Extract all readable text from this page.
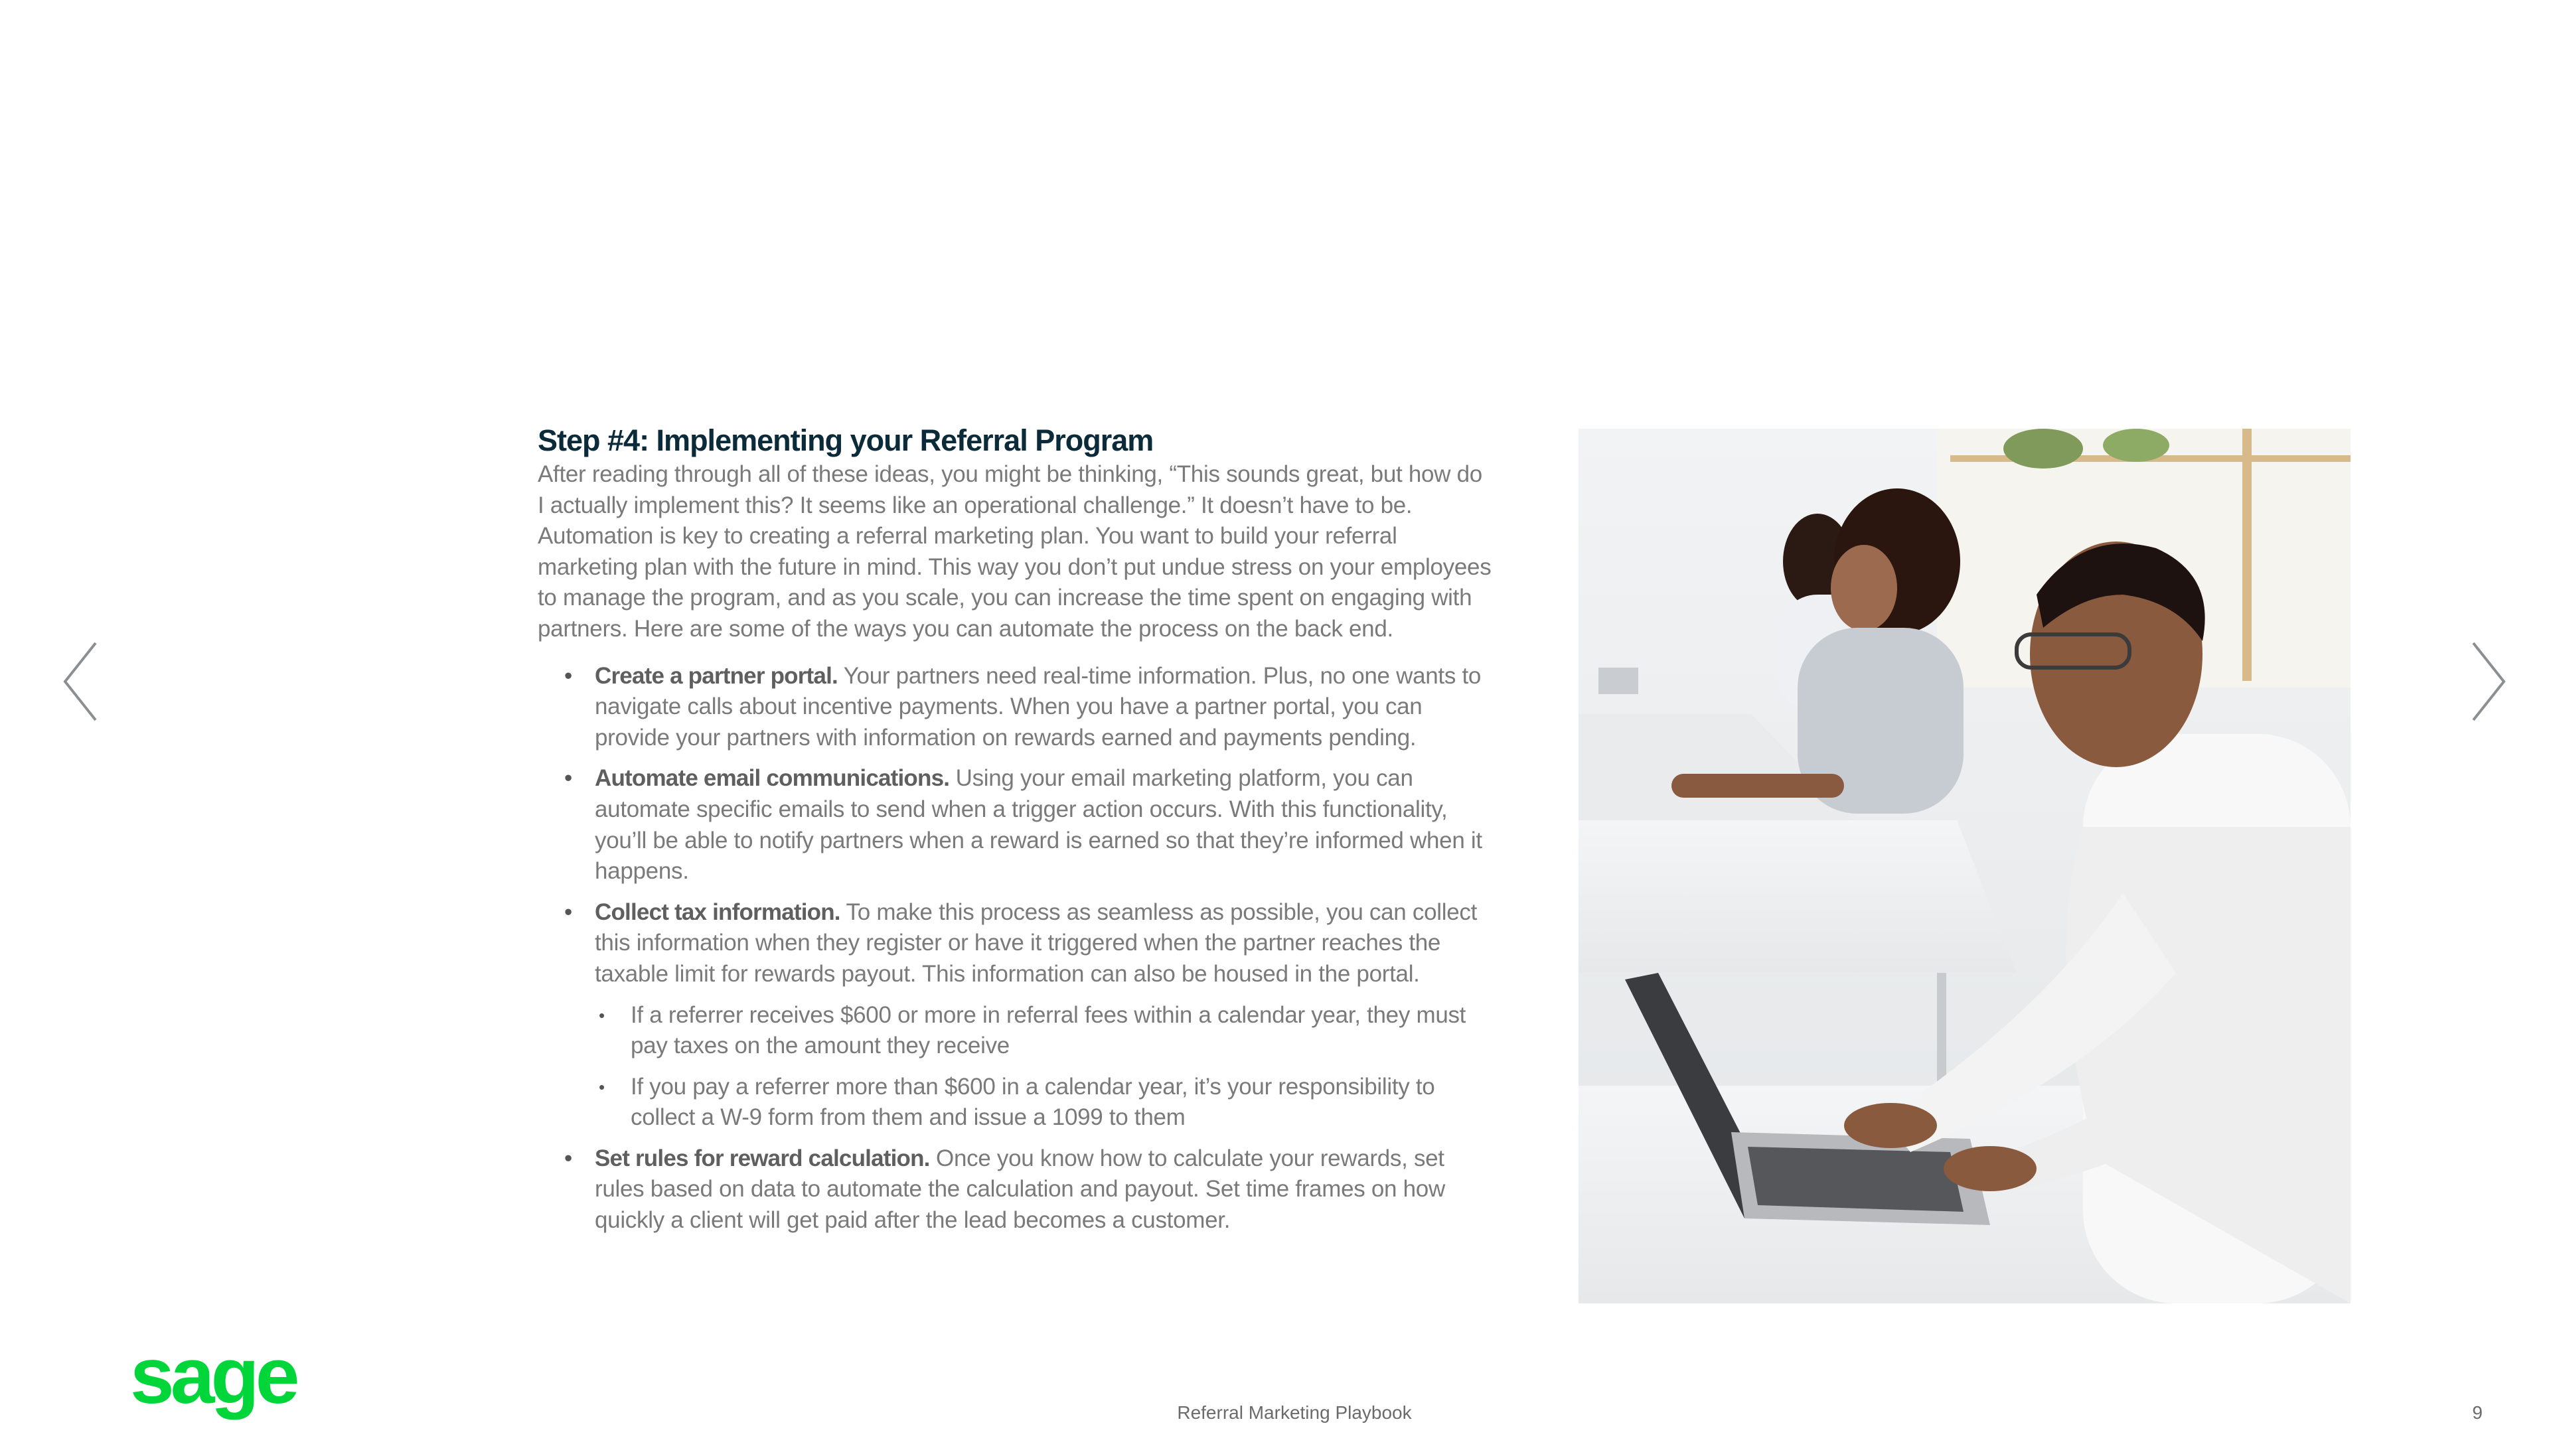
Step #4: Implementing your Referral Program

After reading through all of these ideas, you might be thinking, “This sounds great, but how do I actually implement this? It seems like an operational challenge.” It doesn’t have to be. Automation is key to creating a referral marketing plan. You want to build your referral marketing plan with the future in mind. This way you don’t put undue stress on your employees to manage the program, and as you scale, you can increase the time spent on engaging with partners. Here are some of the ways you can automate the process on the back end.

• Create a partner portal. Your partners need real-time information. Plus, no one wants to navigate calls about incentive payments. When you have a partner portal, you can provide your partners with information on rewards earned and payments pending.
• Automate email communications. Using your email marketing platform, you can automate specific emails to send when a trigger action occurs. With this functionality, you’ll be able to notify partners when a reward is earned so that they’re informed when it happens.
• Collect tax information. To make this process as seamless as possible, you can collect this information when they register or have it triggered when the partner reaches the taxable limit for rewards payout. This information can also be housed in the portal.
• If a referrer receives $600 or more in referral fees within a calendar year, they must pay taxes on the amount they receive
• If you pay a referrer more than $600 in a calendar year, it’s your responsibility to collect a W-9 form from them and issue a 1099 to them
• Set rules for reward calculation. Once you know how to calculate your rewards, set rules based on data to automate the calculation and payout. Set time frames on how quickly a client will get paid after the lead becomes a customer.
sage	Referral Marketing Playbook	9
